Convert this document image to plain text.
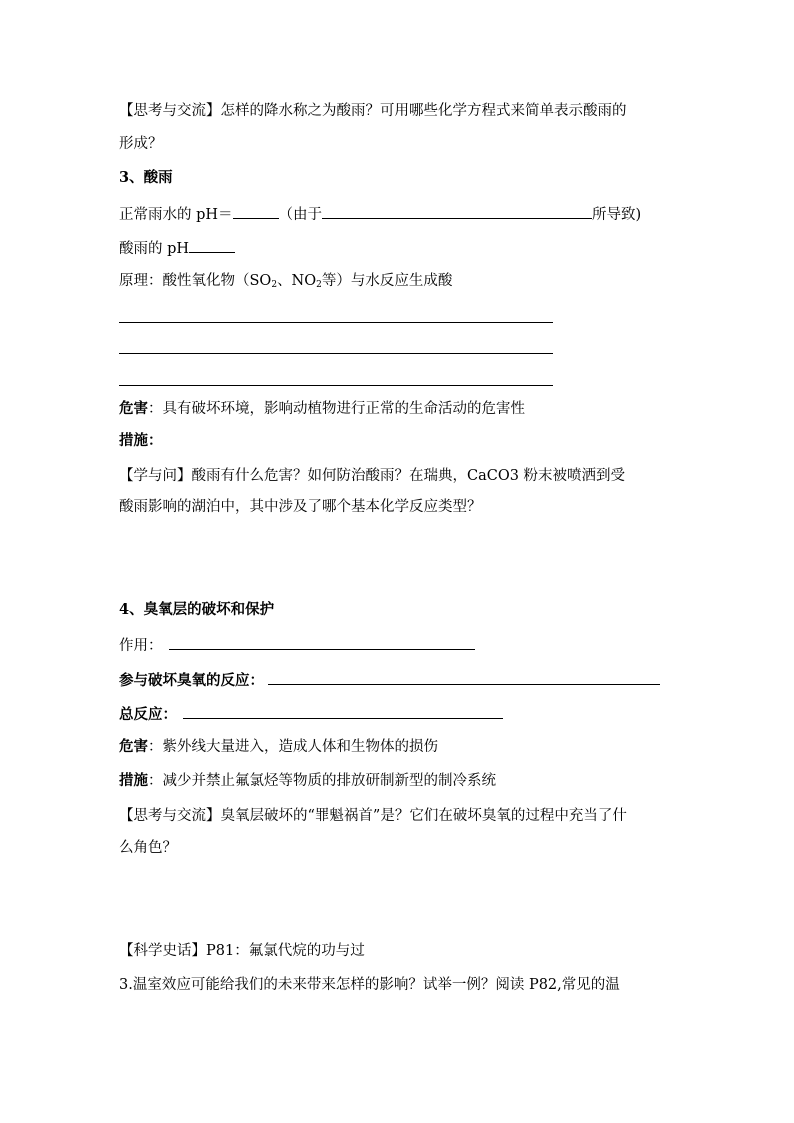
【思考与交流】怎样的降水称之为酸雨？可用哪些化学方程式来简单表示酸雨的
形成？
3、酸雨
正常雨水的 pH＝	（由于	所导致)
酸雨的 pH
原理：酸性氧化物（$SO_2$、$NO_2$等）与水反应生成酸
危害：具有破坏环境，影响动植物进行正常的生命活动的危害性
措施：
【学与问】酸雨有什么危害？如何防治酸雨？在瑞典，CaCO3 粉末被喷洒到受
酸雨影响的湖泊中，其中涉及了哪个基本化学反应类型？
4、臭氧层的破坏和保护
作用：
参与破坏臭氧的反应：
总反应：
危害：紫外线大量进入，造成人体和生物体的损伤
措施：减少并禁止氟氯烃等物质的排放研制新型的制冷系统
【思考与交流】臭氧层破坏的“罪魁祸首”是？它们在破坏臭氧的过程中充当了什
么角色？
【科学史话】P81：氟氯代烷的功与过
3.温室效应可能给我们的未来带来怎样的影响？试举一例？阅读 P82,常见的温
